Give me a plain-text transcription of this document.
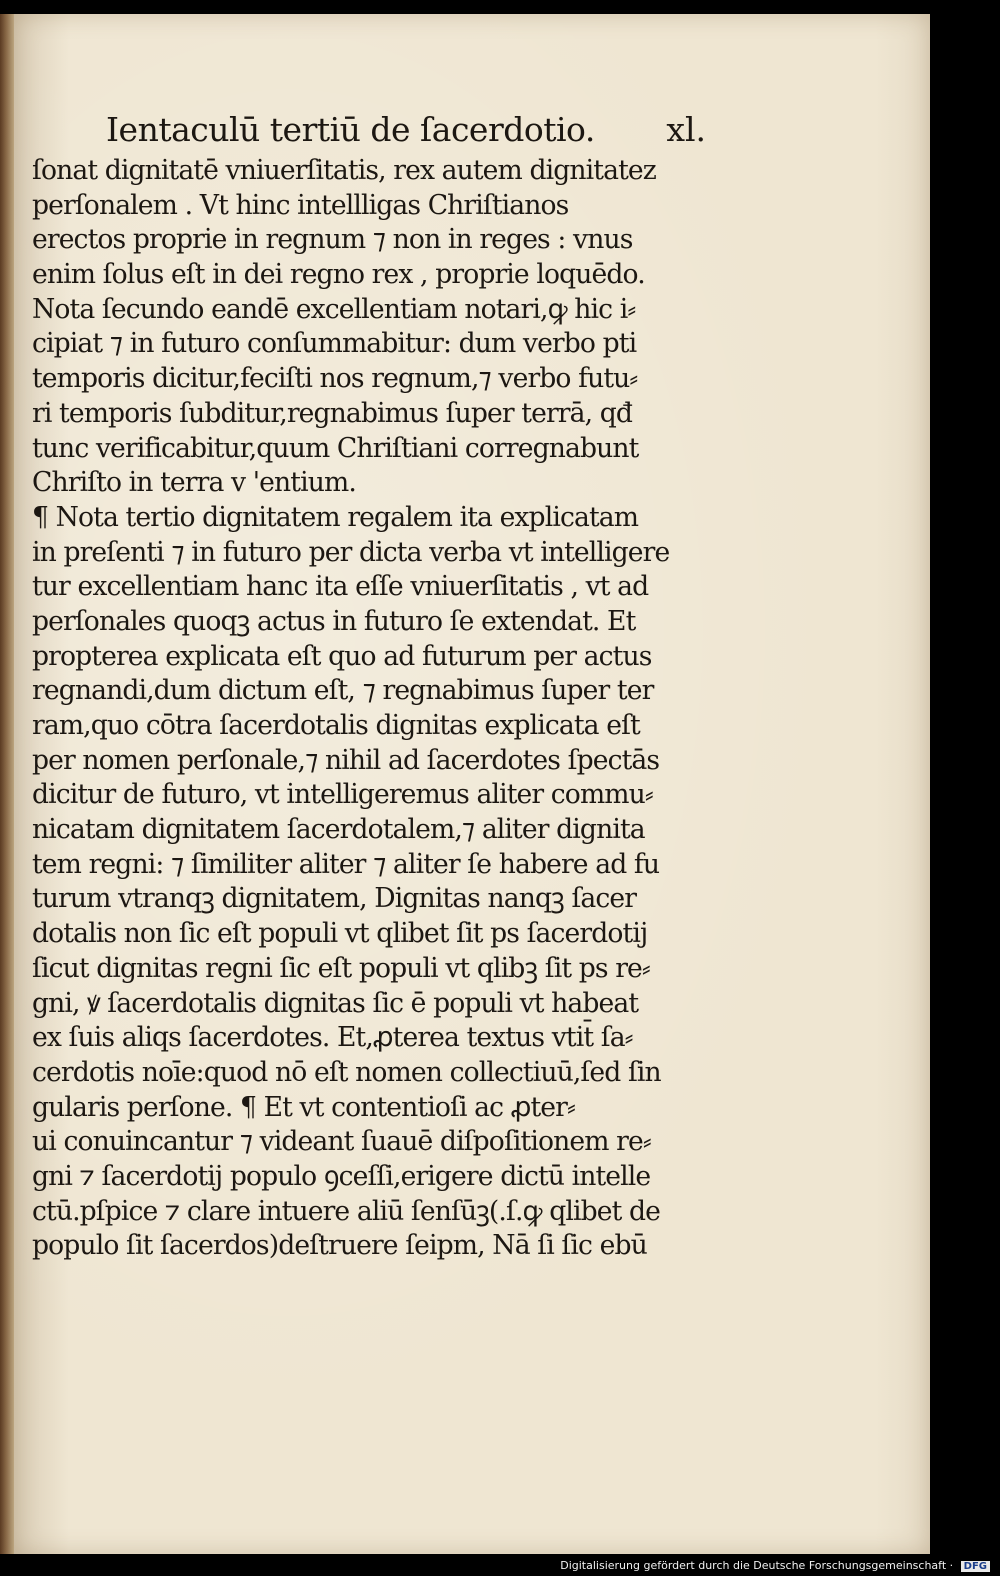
Ientaculū tertiū de ſacerdotio. xl.
ſonat dignitatē vniuerſitatis, rex autem dignitatez
perſonalem . Vt hinc intellligas Chriſtianos
erectos proprie in regnum ⁊ non in reges : vnus
enim ſolus eſt in dei regno rex , proprie loquēdo.
Nota ſecundo eandē excellentiam notari,ꝙ hic i⸗
cipiat ⁊ in futuro conſummabitur: dum verbo pti
temporis dicitur,feciſti nos regnum,⁊ verbo futu⸗
ri temporis ſubditur,regnabimus ſuper terrā, qđ
tunc verificabitur,quum Chriſtiani corregnabunt
Chriſto in terra v 'entium.
¶ Nota tertio dignitatem regalem ita explicatam
in preſenti ⁊ in futuro per dicta verba vt intelligere
tur excellentiam hanc ita eſſe vniuerſitatis , vt ad
perſonales quoqꝫ actus in futuro ſe extendat. Et
propterea explicata eſt quo ad futurum per actus
regnandi,dum dictum eſt, ⁊ regnabimus ſuper ter
ram,quo cōtra ſacerdotalis dignitas explicata eſt
per nomen perſonale,⁊ nihil ad ſacerdotes ſpectās
dicitur de futuro, vt intelligeremus aliter commu⸗
nicatam dignitatem ſacerdotalem,⁊ aliter dignita
tem regni: ⁊ ſimiliter aliter ⁊ aliter ſe habere ad fu
turum vtranqꝫ dignitatem, Dignitas nanqꝫ ſacer
dotalis non ſic eſt populi vt qlibet ſit ps ſacerdotij
ſicut dignitas regni ſic eſt populi vt qlibꝫ ſit ps re⸗
gni, ꝟ ſacerdotalis dignitas ſic ē populi vt habeat
ex ſuis aliqs ſacerdotes. Et,ꝓterea textus vtit̄ ſa⸗
cerdotis noīe:quod nō eſt nomen collectiuū,ſed ſin
gularis perſone. ¶ Et vt contentioſi ac ꝓter⸗
ui conuincantur ⁊ videant ſuauē diſpoſitionem re⸗
gni ⁊ ſacerdotij populo ꝯceſſi,erigere dictū intelle
ctū.pſpice ⁊ clare intuere aliū ſenſūꝫ(.ſ.ꝙ qlibet de
populo ſit ſacerdos)deſtruere ſeipm, Nā ſi ſic ebū
Digitalisierung gefördert durch die Deutsche Forschungsgemeinschaft · DFG
